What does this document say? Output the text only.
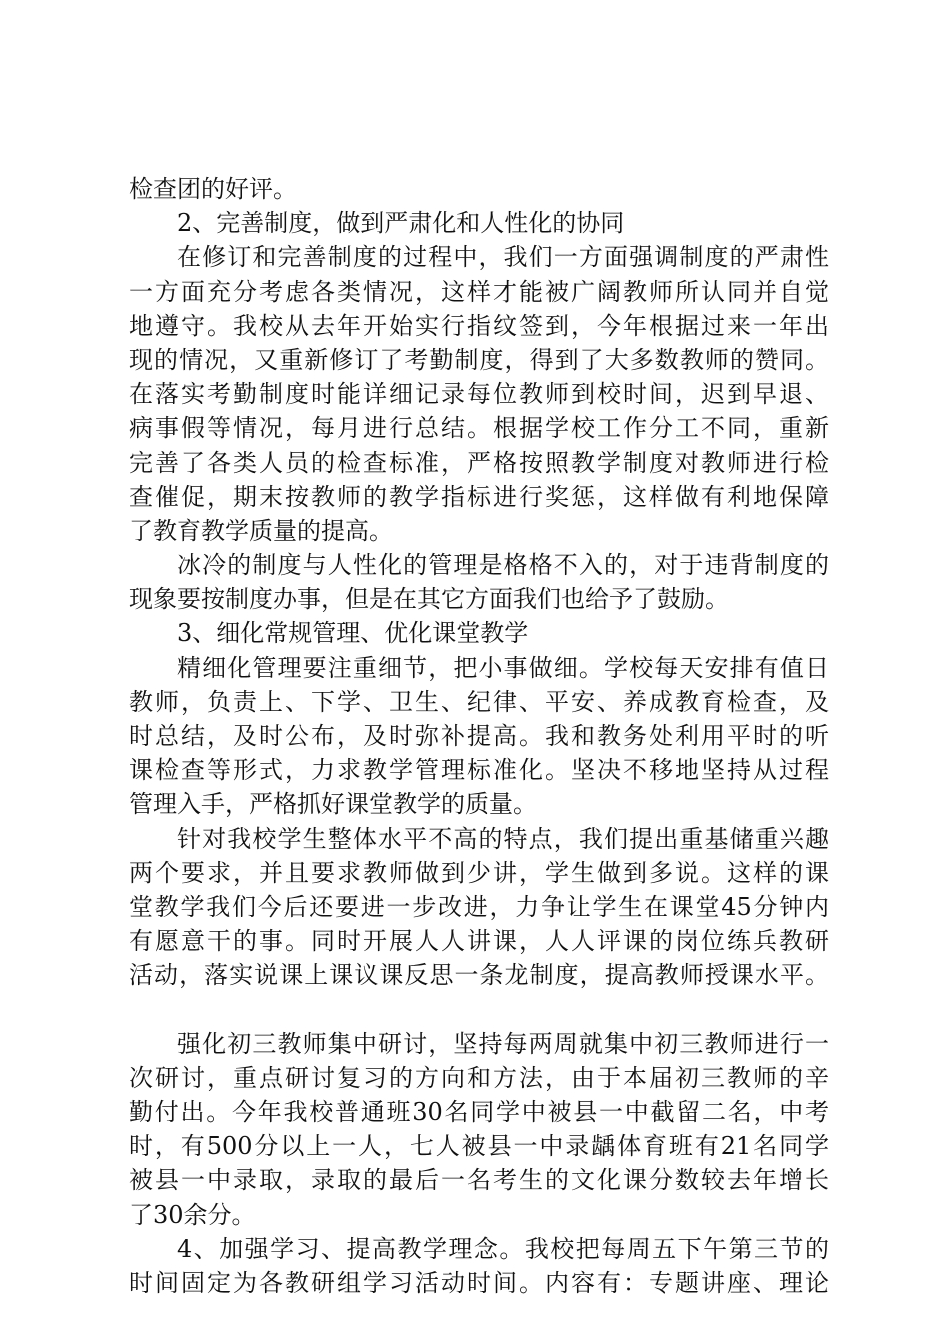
检查团的好评。
2、完善制度，做到严肃化和人性化的协同
在修订和完善制度的过程中，我们一方面强调制度的严肃性
一方面充分考虑各类情况，这样才能被广阔教师所认同并自觉
地遵守。我校从去年开始实行指纹签到，今年根据过来一年出
现的情况，又重新修订了考勤制度，得到了大多数教师的赞同。
在落实考勤制度时能详细记录每位教师到校时间，迟到早退、
病事假等情况，每月进行总结。根据学校工作分工不同，重新
完善了各类人员的检查标准，严格按照教学制度对教师进行检
查催促，期末按教师的教学指标进行奖惩，这样做有利地保障
了教育教学质量的提高。
冰冷的制度与人性化的管理是格格不入的，对于违背制度的
现象要按制度办事，但是在其它方面我们也给予了鼓励。
3、细化常规管理、优化课堂教学
精细化管理要注重细节，把小事做细。学校每天安排有值日
教师，负责上、下学、卫生、纪律、平安、养成教育检查，及
时总结，及时公布，及时弥补提高。我和教务处利用平时的听
课检查等形式，力求教学管理标准化。坚决不移地坚持从过程
管理入手，严格抓好课堂教学的质量。
针对我校学生整体水平不高的特点，我们提出重基储重兴趣
两个要求，并且要求教师做到少讲，学生做到多说。这样的课
堂教学我们今后还要进一步改进，力争让学生在课堂45分钟内
有愿意干的事。同时开展人人讲课，人人评课的岗位练兵教研
活动，落实说课上课议课反思一条龙制度，提高教师授课水平。
强化初三教师集中研讨，坚持每两周就集中初三教师进行一
次研讨，重点研讨复习的方向和方法，由于本届初三教师的辛
勤付出。今年我校普通班30名同学中被县一中截留二名，中考
时，有500分以上一人，七人被县一中录龋体育班有21名同学
被县一中录取，录取的最后一名考生的文化课分数较去年增长
了30余分。
4、加强学习、提高教学理念。我校把每周五下午第三节的
时间固定为各教研组学习活动时间。内容有：专题讲座、理论
